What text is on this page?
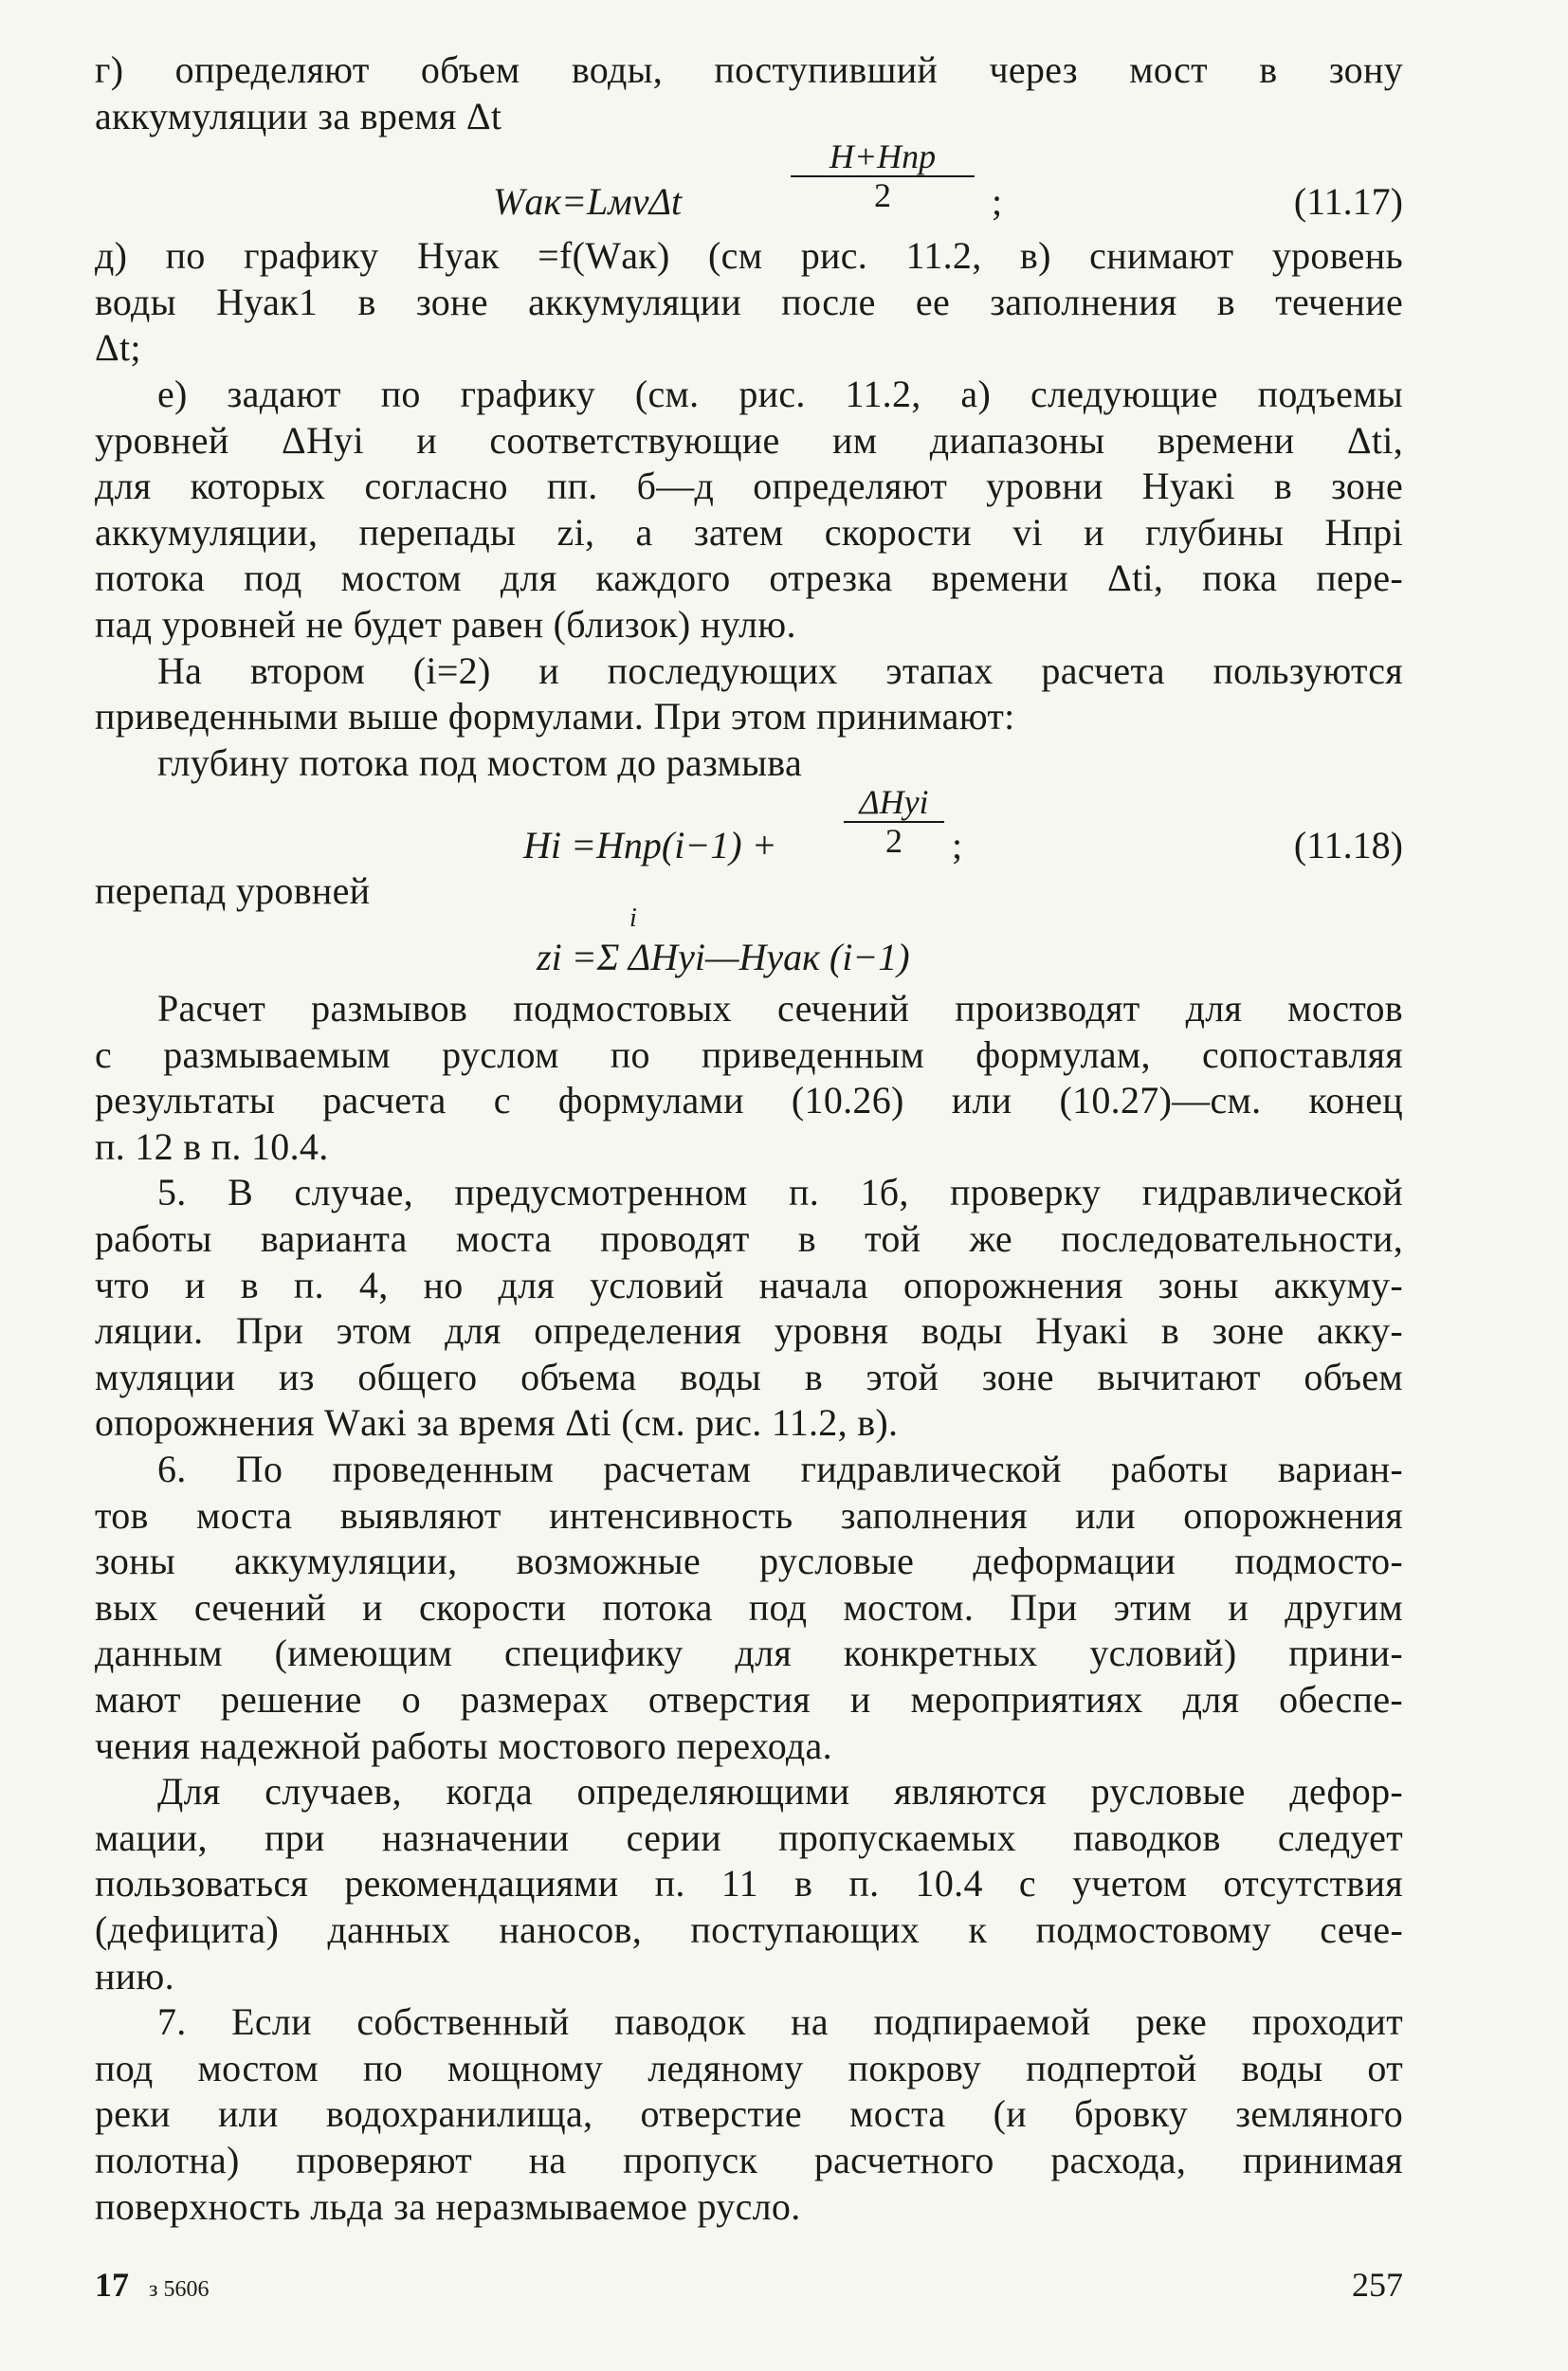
г) определяют объем воды, поступивший через мост в зону
аккумуляции за время Δt
Wак=LмvΔt
H+Hпр
2	;	(11.17)
д) по графику Hуак =f(Wак) (см рис. 11.2, в) снимают уровень
воды Hуак1 в зоне аккумуляции после ее заполнения в течение
Δt;
е) задают по графику (см. рис. 11.2, а) следующие подъемы
уровней ΔHyi и соответствующие им диапазоны времени Δti,
для которых согласно пп. б—д определяют уровни Hуакi в зоне
аккумуляции, перепады zi, а затем скорости vi и глубины Hпрi
потока под мостом для каждого отрезка времени Δti, пока пере-
пад уровней не будет равен (близок) нулю.
На втором (i=2) и последующих этапах расчета пользуются
приведенными выше формулами. При этом принимают:
глубину потока под мостом до размыва
Hi =Hпр(i−1) +
ΔHyi
2	;	(11.18)
перепад уровней
i
zi =Σ ΔHyi—Hуак (i−1)
Расчет размывов подмостовых сечений производят для мостов
с размываемым руслом по приведенным формулам, сопоставляя
результаты расчета с формулами (10.26) или (10.27)—см. конец
п. 12 в п. 10.4.
5. В случае, предусмотренном п. 1б, проверку гидравлической
работы варианта моста проводят в той же последовательности,
что и в п. 4, но для условий начала опорожнения зоны аккуму-
ляции. При этом для определения уровня воды Hуакi в зоне акку-
муляции из общего объема воды в этой зоне вычитают объем
опорожнения Wакi за время Δti (см. рис. 11.2, в).
6. По проведенным расчетам гидравлической работы вариан-
тов моста выявляют интенсивность заполнения или опорожнения
зоны аккумуляции, возможные русловые деформации подмосто-
вых сечений и скорости потока под мостом. При этим и другим
данным (имеющим специфику для конкретных условий) прини-
мают решение о размерах отверстия и мероприятиях для обеспе-
чения надежной работы мостового перехода.
Для случаев, когда определяющими являются русловые дефор-
мации, при назначении серии пропускаемых паводков следует
пользоваться рекомендациями п. 11 в п. 10.4 с учетом отсутствия
(дефицита) данных наносов, поступающих к подмостовому сече-
нию.
7. Если собственный паводок на подпираемой реке проходит
под мостом по мощному ледяному покрову подпертой воды от
реки или водохранилища, отверстие моста (и бровку земляного
полотна) проверяют на пропуск расчетного расхода, принимая
поверхность льда за неразмываемое русло.
17 з 5606	257
